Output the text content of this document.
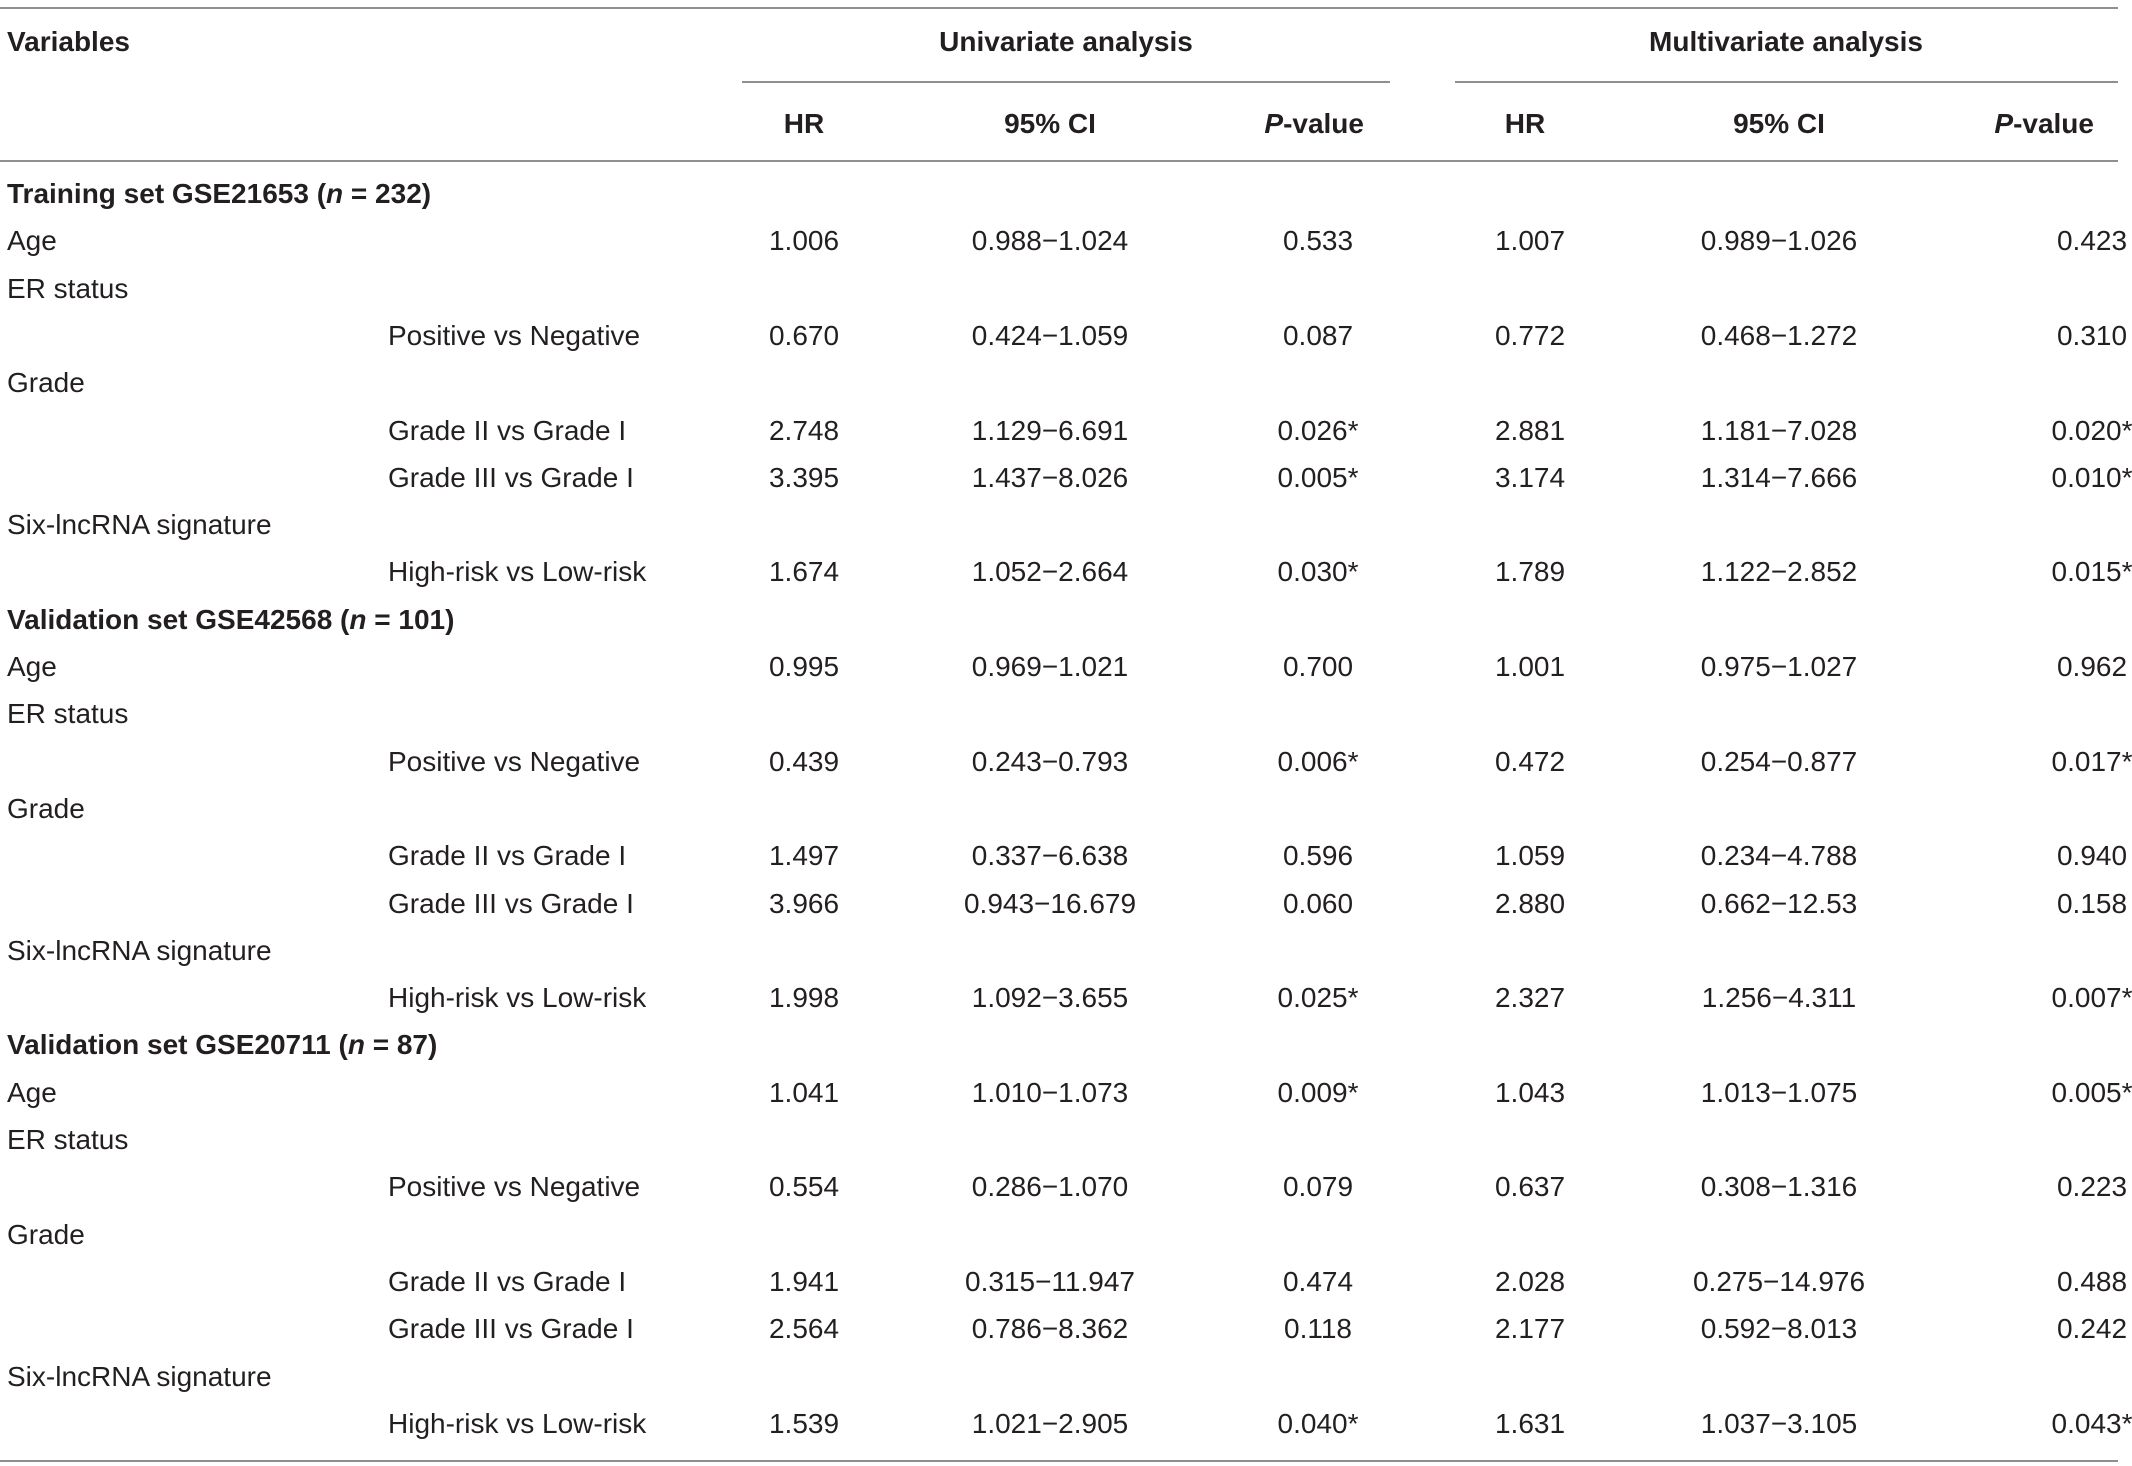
Variables	Univariate analysis	Multivariate analysis
HR	95% CI	P-value	HR	95% CI	P-value
Training set GSE21653 (n = 232)
Age	1.006	0.988−1.024	0.533	1.007	0.989−1.026	0.423
ER status
Positive vs Negative	0.670	0.424−1.059	0.087	0.772	0.468−1.272	0.310
Grade
Grade II vs Grade I	2.748	1.129−6.691	0.026*	2.881	1.181−7.028	0.020*
Grade III vs Grade I	3.395	1.437−8.026	0.005*	3.174	1.314−7.666	0.010*
Six-lncRNA signature
High-risk vs Low-risk	1.674	1.052−2.664	0.030*	1.789	1.122−2.852	0.015*
Validation set GSE42568 (n = 101)
Age	0.995	0.969−1.021	0.700	1.001	0.975−1.027	0.962
ER status
Positive vs Negative	0.439	0.243−0.793	0.006*	0.472	0.254−0.877	0.017*
Grade
Grade II vs Grade I	1.497	0.337−6.638	0.596	1.059	0.234−4.788	0.940
Grade III vs Grade I	3.966	0.943−16.679	0.060	2.880	0.662−12.53	0.158
Six-lncRNA signature
High-risk vs Low-risk	1.998	1.092−3.655	0.025*	2.327	1.256−4.311	0.007*
Validation set GSE20711 (n = 87)
Age	1.041	1.010−1.073	0.009*	1.043	1.013−1.075	0.005*
ER status
Positive vs Negative	0.554	0.286−1.070	0.079	0.637	0.308−1.316	0.223
Grade
Grade II vs Grade I	1.941	0.315−11.947	0.474	2.028	0.275−14.976	0.488
Grade III vs Grade I	2.564	0.786−8.362	0.118	2.177	0.592−8.013	0.242
Six-lncRNA signature
High-risk vs Low-risk	1.539	1.021−2.905	0.040*	1.631	1.037−3.105	0.043*
